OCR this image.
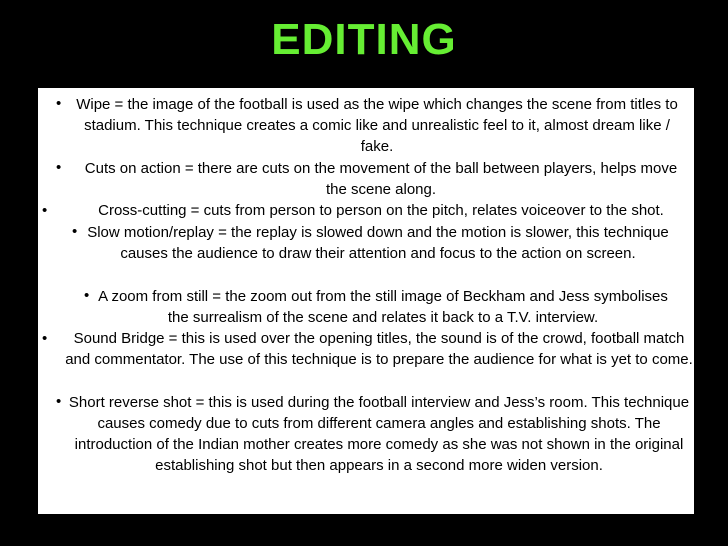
EDITING
• Wipe = the image of the football is used as the wipe which changes the scene from titles to stadium. This technique creates a comic like and unrealistic feel to it, almost dream like / fake.

•	Cuts on action = there are cuts on the movement of the ball between players, helps move the scene along.

•	Cross-cutting = cuts from person to person on the pitch, relates voiceover to the shot.

• Slow motion/replay = the replay is slowed down and the motion is slower, this technique causes the audience to draw their attention and focus to the action on screen.

• A zoom from still = the zoom out from the still image of Beckham and Jess symbolises the surrealism of the scene and relates it back to a T.V. interview.

•	Sound Bridge = this is used over the opening titles, the sound is of the crowd, football match and commentator. The use of this technique is to prepare the audience for what is yet to come.

• Short reverse shot = this is used during the football interview and Jess’s room. This technique causes comedy due to cuts from different camera angles and establishing shots. The introduction of the Indian mother creates more comedy as she was not shown in the original establishing shot but then appears in a second more widen version.
